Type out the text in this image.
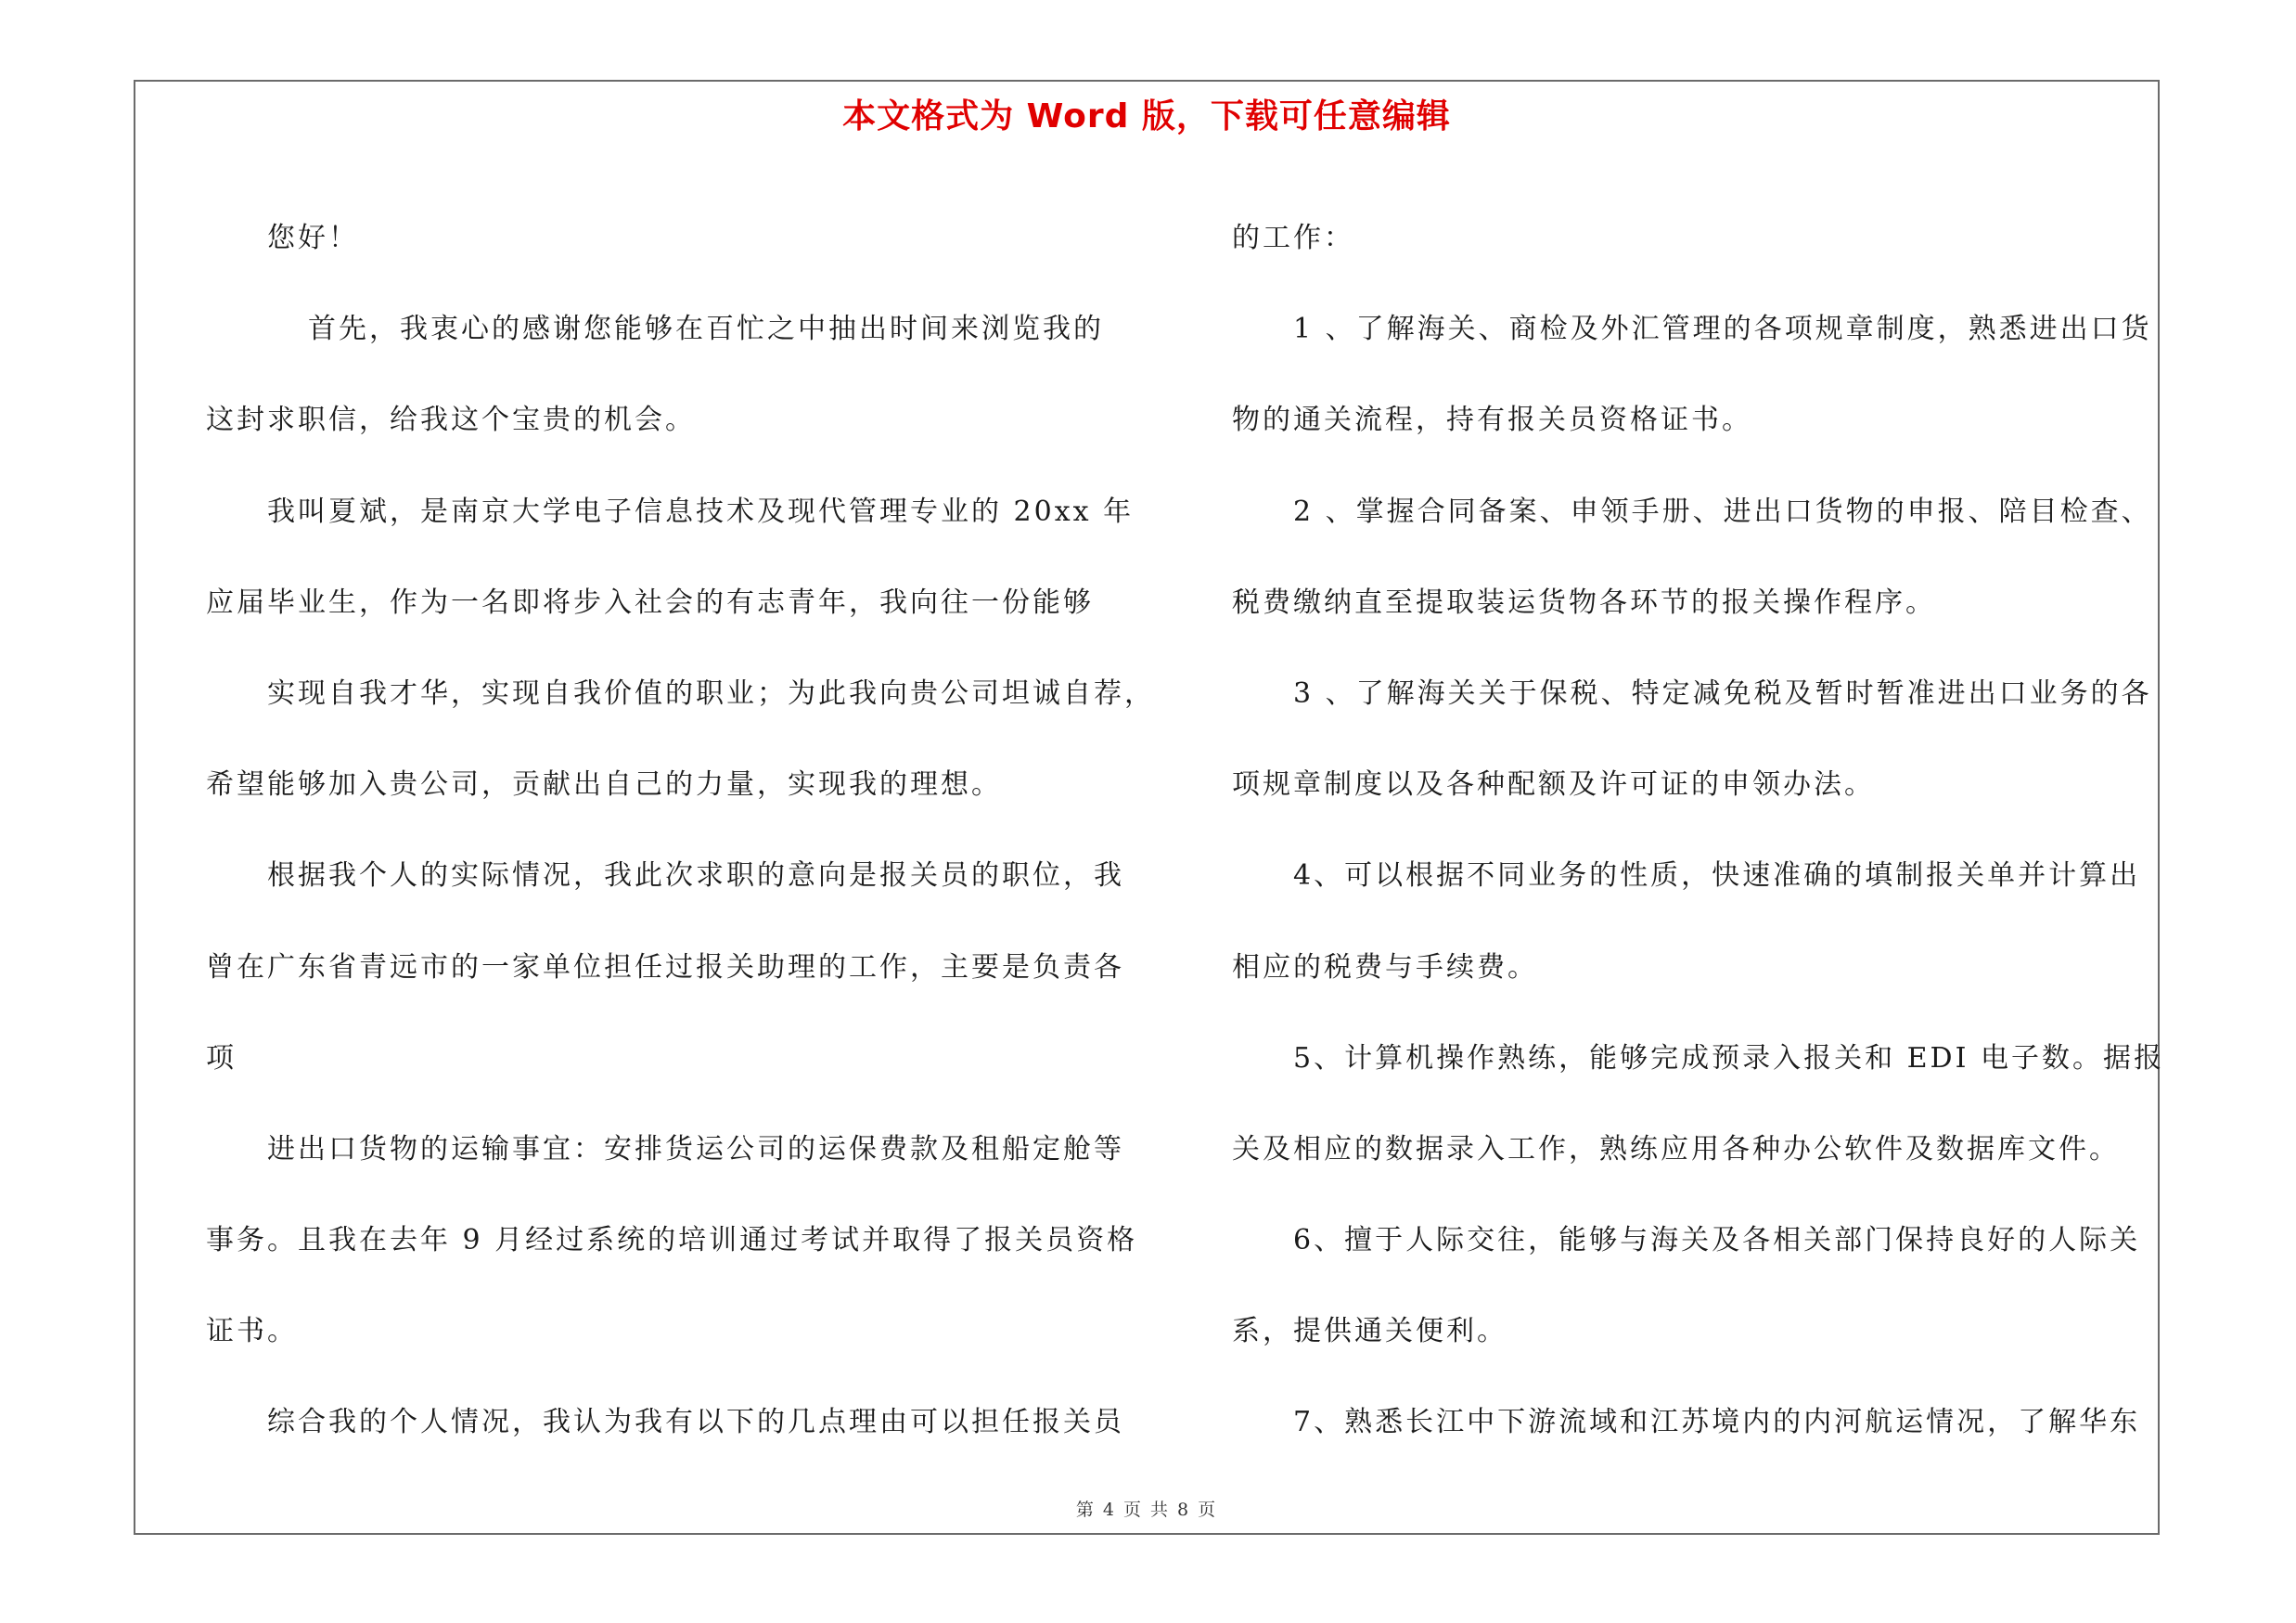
本文格式为 Word 版，下载可任意编辑

您好！

首先，我衷心的感谢您能够在百忙之中抽出时间来浏览我的

这封求职信，给我这个宝贵的机会。

我叫夏斌，是南京大学电子信息技术及现代管理专业的 20xx 年

应届毕业生，作为一名即将步入社会的有志青年，我向往一份能够

实现自我才华，实现自我价值的职业；为此我向贵公司坦诚自荐，

希望能够加入贵公司，贡献出自己的力量，实现我的理想。

根据我个人的实际情况，我此次求职的意向是报关员的职位，我

曾在广东省青远市的一家单位担任过报关助理的工作，主要是负责各

项

进出口货物的运输事宜：安排货运公司的运保费款及租船定舱等

事务。且我在去年 9 月经过系统的培训通过考试并取得了报关员资格

证书。

综合我的个人情况，我认为我有以下的几点理由可以担任报关员

的工作：

1 、了解海关、商检及外汇管理的各项规章制度，熟悉进出口货

物的通关流程，持有报关员资格证书。

2 、掌握合同备案、申领手册、进出口货物的申报、陪目检查、

税费缴纳直至提取装运货物各环节的报关操作程序。

3 、了解海关关于保税、特定减免税及暂时暂准进出口业务的各

项规章制度以及各种配额及许可证的申领办法。

4、可以根据不同业务的性质，快速准确的填制报关单并计算出

相应的税费与手续费。

5、计算机操作熟练，能够完成预录入报关和 EDI 电子数。据报

关及相应的数据录入工作，熟练应用各种办公软件及数据库文件。

6、擅于人际交往，能够与海关及各相关部门保持良好的人际关

系，提供通关便利。

7、熟悉长江中下游流域和江苏境内的内河航运情况，了解华东

第 4 页 共 8 页
